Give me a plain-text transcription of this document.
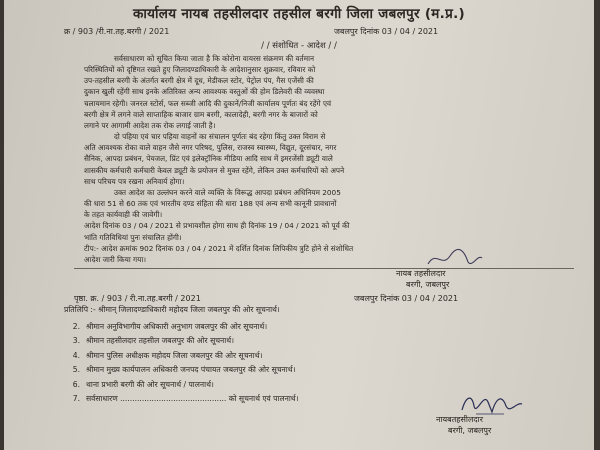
कार्यालय नायब तहसीलदार तहसील बरगी जिला जबलपुर (म.प्र.)
क्र / 903 /री.ना.तह.बरगी / 2021	जबलपुर दिनांक 03 / 04 / 2021
/ / संशोधित - आदेश / /
सर्वसाधारण को सूचित किया जाता है कि कोरोना वायरस संक्रमण की वर्तमान
परिस्थितियों को दृष्टिगत रखते हुए जिलादण्डाधिकारी के आदेशानुसार शुक्रवार, रविवार को
उप-तहसील बरगी के अंतर्गत बरगी क्षेत्र में दूध, मेडीकल स्टोर, पेट्रोल पंप, गैस एजेंसी की
दुकान खुली रहेंगी साथ इनके अतिरिक्त अन्य आवश्यक वस्तुओं की होम डिलेवरी की व्यवस्था
चलायमान रहेगी। जनरल स्टोर्स, फल सब्जी आदि की दुकानें/निजी कार्यालय पूर्णतः बंद रहेंगे एवं
बरगी क्षेत्र में लगने वाले साप्ताहिक बाजार ग्राम बरगी, कालादेही, बरगी नगर के बाजारों को
लगाने पर आगामी आदेश तक रोक लगाई जाती है।
दो पहिया एवं चार पहिया वाहनों का संचालन पूर्णतः बंद रहेगा किंतु उक्त विराम से
अति आवश्यक रोका वाले वाहन जैसे नगर परिषद, पुलिस, राजस्व स्वास्थ्य, विद्युत, दूरसंचार, नगर
सैनिक, आपदा प्रबंधन, पेयजल, प्रिंट एवं इलेक्ट्रॉनिक मीडिया आदि साथ में इमरजेंसी ड्यूटी वाले
शासकीय कर्मचारी कर्मचारी केवल ड्यूटी के प्रयोजन से मुक्त रहेंगे, लेकिन उक्त कर्मचारियों को अपने
साथ परिचय पत्र रखना अनिवार्य होगा।
उक्त आदेश का उल्लंघन करने वाले व्यक्ति के विरूद्ध आपदा प्रबंधन अधिनियम 2005
की धारा 51 से 60 तक एवं भारतीय दण्ड संहिता की धारा 188 एवं अन्य सभी कानूनी प्रावधानों
के तहत कार्यवाही की जावेगी।
आदेश दिनांक 03 / 04 / 2021 से प्रभावशील होगा साथ ही दिनांक 19 / 04 / 2021 को पूर्व की
भांति गतिविधियां पुनः संचालित होंगी।
टीप:- आदेश क्रमांक 902 दिनांक 03 / 04 / 2021 में दर्शित दिनांक लिपिकीय त्रुटि होने से संशोधित
आदेश जारी किया गया।
नायब तहसीलदार
बरगी, जबलपुर
पृष्ठा. क्र. / 903 / री.ना.तह.बरगी / 2021	जबलपुर दिनांक 03 / 04 / 2021
प्रतिलिपि :- श्रीमान् जिलादण्डाधिकारी महोदय जिला जबलपुर की ओर सूचनार्थ।
2. श्रीमान अनुविभागीय अधिकारी अनुभाग जबलपुर की ओर सूचनार्थ।
3. श्रीमान तहसीलदार तहसील जबलपुर की ओर सूचनार्थ।
4. श्रीमान पुलिस अधीक्षक महोदय जिला जबलपुर की ओर सूचनार्थ।
5. श्रीमान मुख्य कार्यपालन अधिकारी जनपद पंचायत जबलपुर की ओर सूचनार्थ।
6. थाना प्रभारी बरगी की ओर सूचनार्थ / पालनार्थ।
7. सर्वसाधारण ............................................ को सूचनार्थ एवं पालनार्थ।
नायबतहसीलदार
बरगी, जबलपुर
